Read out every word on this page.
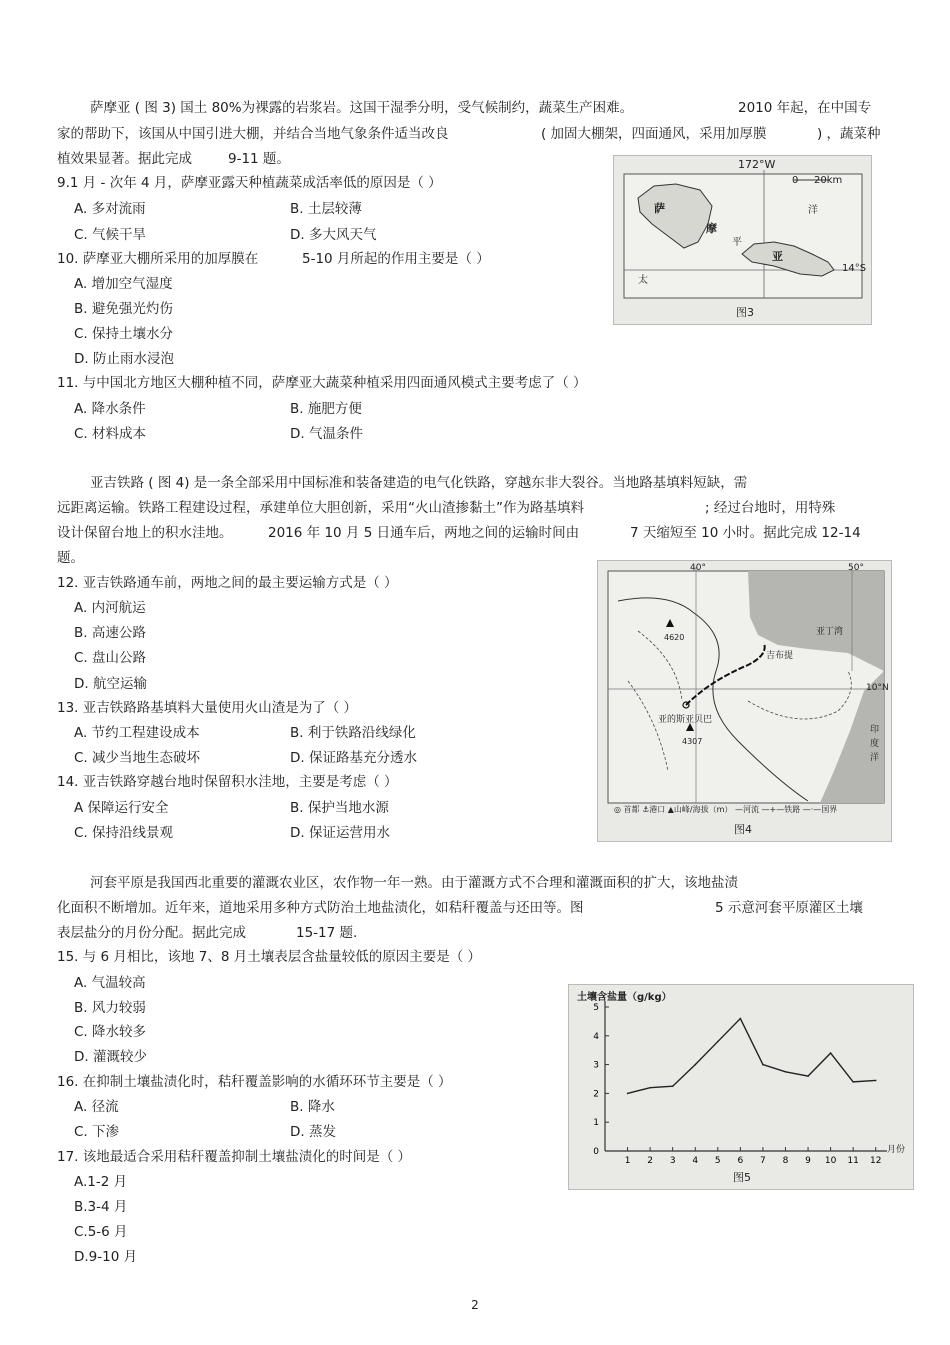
萨摩亚 ( 图 3) 国土 80%为裸露的岩浆岩。这国干湿季分明，受气候制约，蔬菜生产困难。	2010 年起，在中国专
家的帮助下，该国从中国引进大棚，并结合当地气象条件适当改良	( 加固大棚架，四面通风，采用加厚膜	) ，蔬菜种
植效果显著。据此完成	9-11 题。
9.1 月 - 次年 4 月，萨摩亚露天种植蔬菜成活率低的原因是（ ）
A. 多对流雨	B. 土层较薄
C. 气候干旱	D. 多大风天气
10. 萨摩亚大棚所采用的加厚膜在	5-10 月所起的作用主要是（ ）
A. 增加空气湿度
B. 避免强光灼伤
C. 保持土壤水分
D. 防止雨水浸泡
11. 与中国北方地区大棚种植不同，萨摩亚大蔬菜种植采用四面通风模式主要考虑了（ ）
A. 降水条件	B. 施肥方便
C. 材料成本	D. 气温条件
172°W
0 20km
14°S
萨
摩
亚
平
洋
太
图3
亚吉铁路 ( 图 4) 是一条全部采用中国标准和装备建造的电气化铁路，穿越东非大裂谷。当地路基填料短缺，需
远距离运输。铁路工程建设过程，承建单位大胆创新，采用“火山渣掺黏土”作为路基填料	; 经过台地时，用特殊
设计保留台地上的积水洼地。	2016 年 10 月 5 日通车后，两地之间的运输时间由	7 天缩短至 10 小时。据此完成 12-14
题。
12. 亚吉铁路通车前，两地之间的最主要运输方式是（ ）
A. 内河航运
B. 高速公路
C. 盘山公路
D. 航空运输
13. 亚吉铁路路基填料大量使用火山渣是为了（ ）
A. 节约工程建设成本	B. 利于铁路沿线绿化
C. 减少当地生态破坏	D. 保证路基充分透水
14. 亚吉铁路穿越台地时保留积水洼地，主要是考虑（ ）
A 保障运行安全	B. 保护当地水源
C. 保持沿线景观	D. 保证运营用水
40°	50°
10°N
亚丁湾
吉布提
亚的斯亚贝巴
4620
4307
印
度
洋
◎ 首都 ⚓港口 ▲山峰/海拔（m） —河流 —+—铁路 —·—国界
图4
河套平原是我国西北重要的灌溉农业区，农作物一年一熟。由于灌溉方式不合理和灌溉面积的扩大，该地盐渍
化面积不断增加。近年来，道地采用多种方式防治土地盐渍化，如秸秆覆盖与还田等。图	5 示意河套平原灌区土壤
表层盐分的月份分配。据此完成	15-17 题.
15. 与 6 月相比，该地 7、8 月土壤表层含盐量较低的原因主要是（ ）
A. 气温较高
B. 风力较弱
C. 降水较多
D. 灌溉较少
16. 在抑制土壤盐渍化时，秸秆覆盖影响的水循环环节主要是（ ）
A. 径流	B. 降水
C. 下渗	D. 蒸发
17. 该地最适合采用秸秆覆盖抑制土壤盐渍化的时间是（ ）
A.1-2 月
B.3-4 月
C.5-6 月
D.9-10 月
0
1
2
3
4
5
1 2 3 4 5 6 7 8 9 10 11 12
土壤含盐量（g/kg）
月份
图5
2
